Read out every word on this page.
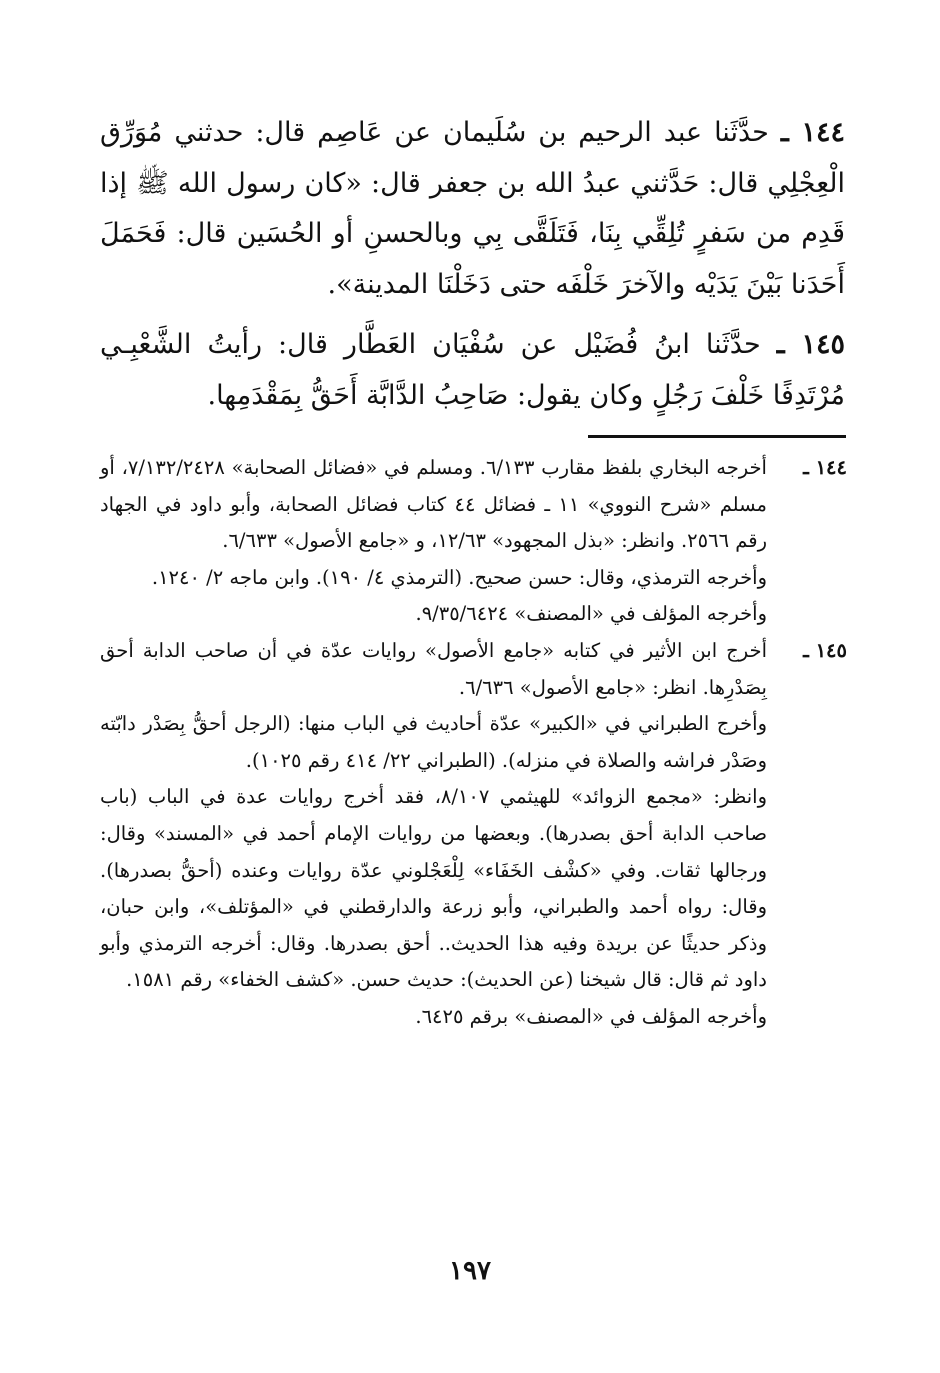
١٤٤ ـ حدَّثَنا عبد الرحيم بن سُلَيمان عن عَاصِم قال: حدثني مُوَرِّق الْعِجْلِي قال: حَدَّثني عبدُ الله بن جعفر قال: «كان رسول الله ﷺ إذا قَدِم من سَفرٍ تُلِقِّي بِنَا، فَتَلَقَّى بِي وبالحسنِ أو الحُسَين قال: فَحَمَلَ أَحَدَنا بَيْنَ يَدَيْه والآخرَ خَلْفَه حتى دَخَلْنَا المدينة».

١٤٥ ـ حدَّثَنا ابنُ فُضَيْل عن سُفْيَان العَطَّار قال: رأيتُ الشَّعْبِـي مُرْتَدِفًا خَلْفَ رَجُلٍ وكان يقول: صَاحِبُ الدَّابَّة أَحَقُّ بِمَقْدَمِها.

١٤٤ ـ

أخرجه البخاري بلفظ مقارب ٦/١٣٣. ومسلم في «فضائل الصحابة» ٧/١٣٢/٢٤٢٨، أو مسلم «شرح النووي» ١١ ـ فضائل ٤٤ كتاب فضائل الصحابة، وأبو داود في الجهاد رقم ٢٥٦٦. وانظر: «بذل المجهود» ١٢/٦٣، و «جامع الأصول» ٦/٦٣٣.

وأخرجه الترمذي، وقال: حسن صحيح. (الترمذي ٤/ ١٩٠). وابن ماجه ٢/ ١٢٤٠.

وأخرجه المؤلف في «المصنف» ٩/٣٥/٦٤٢٤.

١٤٥ ـ

أخرج ابن الأثير في كتابه «جامع الأصول» روايات عدّة في أن صاحب الدابة أحق بِصَدْرِها. انظر: «جامع الأصول» ٦/٦٣٦.

وأخرج الطبراني في «الكبير» عدّة أحاديث في الباب منها: (الرجل أحقُّ بِصَدْر دابّته وصَدْر فراشه والصلاة في منزله). (الطبراني ٢٢/ ٤١٤ رقم ١٠٢٥).

وانظر: «مجمع الزوائد» للهيثمي ٨/١٠٧، فقد أخرج روايات عدة في الباب (باب صاحب الدابة أحق بصدرها). وبعضها من روايات الإمام أحمد في «المسند» وقال: ورجالها ثقات. وفي «كشْف الخَفَاء» لِلْعَجْلوني عدّة روايات وعنده (أحقُّ بصدرها). وقال: رواه أحمد والطبراني، وأبو زرعة والدارقطني في «المؤتلف»، وابن حبان، وذكر حديثًا عن بريدة وفيه هذا الحديث.. أحق بصدرها. وقال: أخرجه الترمذي وأبو داود ثم قال: قال شيخنا (عن الحديث): حديث حسن. «كشف الخفاء» رقم ١٥٨١.

وأخرجه المؤلف في «المصنف» برقم ٦٤٢٥.

١٩٧
